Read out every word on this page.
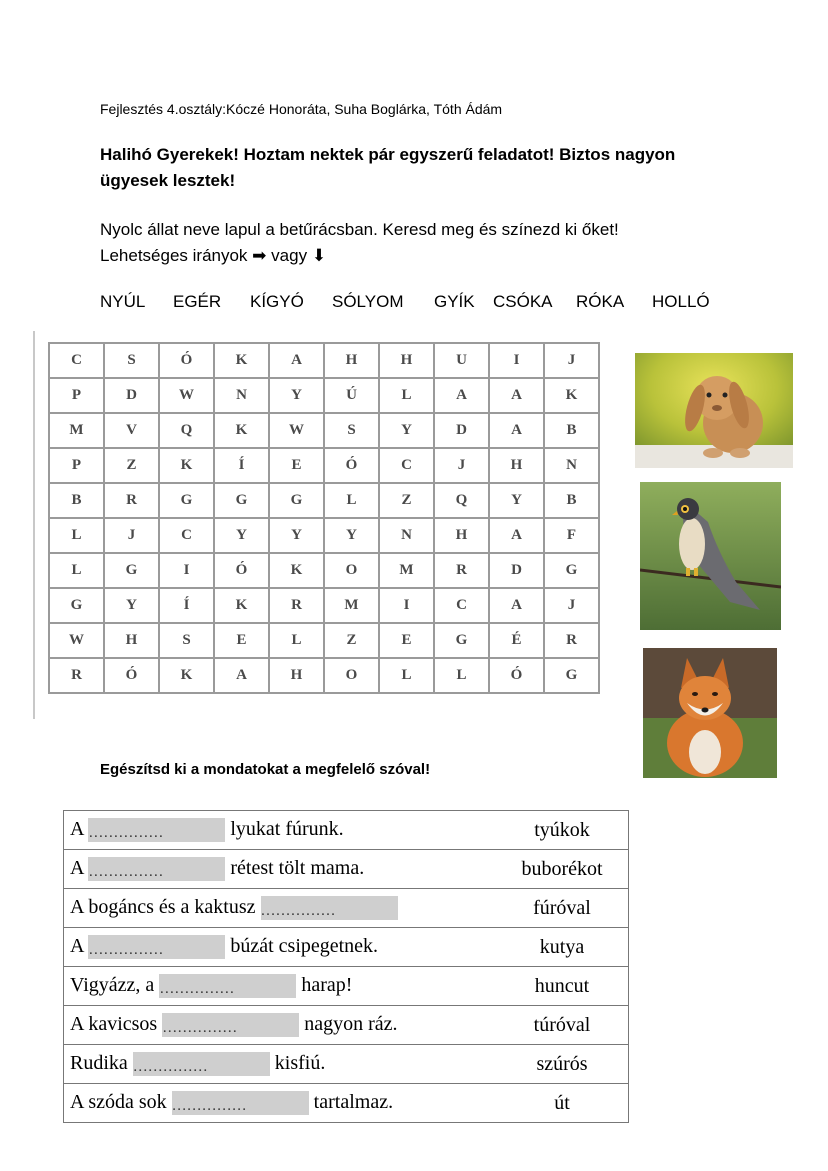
Fejlesztés 4.osztály:Kóczé Honoráta, Suha Boglárka, Tóth Ádám
Halihó Gyerekek! Hoztam nektek pár egyszerű feladatot! Biztos nagyon ügyesek lesztek!
Nyolc állat neve lapul a betűrácsban. Keresd meg és színezd ki őket!
Lehetséges irányok ➡ vagy ⬇
NYÚL EGÉR KÍGYÓ SÓLYOM GYÍK CSÓKA RÓKA HOLLÓ
C	S	Ó	K	A	H	H	U	I	J
P	D	W	N	Y	Ú	L	A	A	K
M	V	Q	K	W	S	Y	D	A	B
P	Z	K	Í	E	Ó	C	J	H	N
B	R	G	G	G	L	Z	Q	Y	B
L	J	C	Y	Y	Y	N	H	A	F
L	G	I	Ó	K	O	M	R	D	G
G	Y	Í	K	R	M	I	C	A	J
W	H	S	E	L	Z	E	G	É	R
R	Ó	K	A	H	O	L	L	Ó	G
Egészítsd ki a mondatokat a megfelelő szóval!
A …………… lyukat fúrunk.	tyúkok
A …………… rétest tölt mama.	buborékot
A bogáncs és a kaktusz ……………	fúróval
A …………… búzát csipegetnek.	kutya
Vigyázz, a …………… harap!	huncut
A kavicsos …………… nagyon ráz.	túróval
Rudika …………… kisfiú.	szúrós
A szóda sok …………… tartalmaz.	út
